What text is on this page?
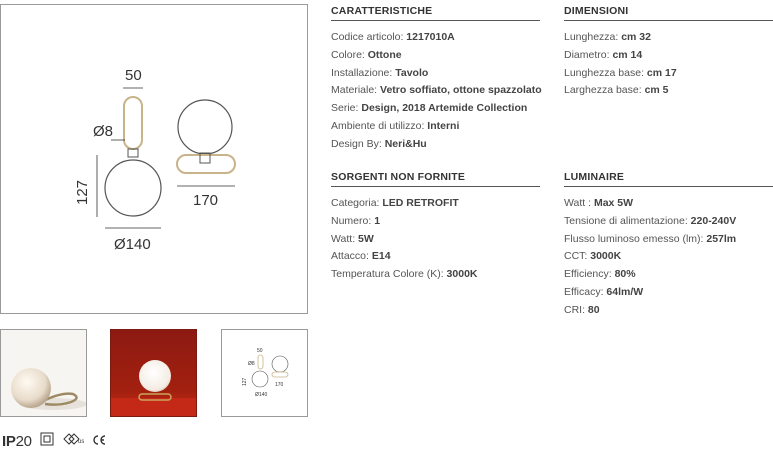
50
Ø8
127
Ø140
170
50
Ø8
127
Ø140
170
IP20	us
CARATTERISTICHE
Codice articolo: 1217010A
Colore: Ottone
Installazione: Tavolo
Materiale: Vetro soffiato, ottone spazzolato
Serie: Design, 2018 Artemide Collection
Ambiente di utilizzo: Interni
Design By: Neri&Hu
DIMENSIONI
Lunghezza: cm 32
Diametro: cm 14
Lunghezza base: cm 17
Larghezza base: cm 5
SORGENTI NON FORNITE
Categoria: LED RETROFIT
Numero: 1
Watt: 5W
Attacco: E14
Temperatura Colore (K): 3000K
LUMINAIRE
Watt : Max 5W
Tensione di alimentazione: 220-240V
Flusso luminoso emesso (lm): 257lm
CCT: 3000K
Efficiency: 80%
Efficacy: 64lm/W
CRI: 80
